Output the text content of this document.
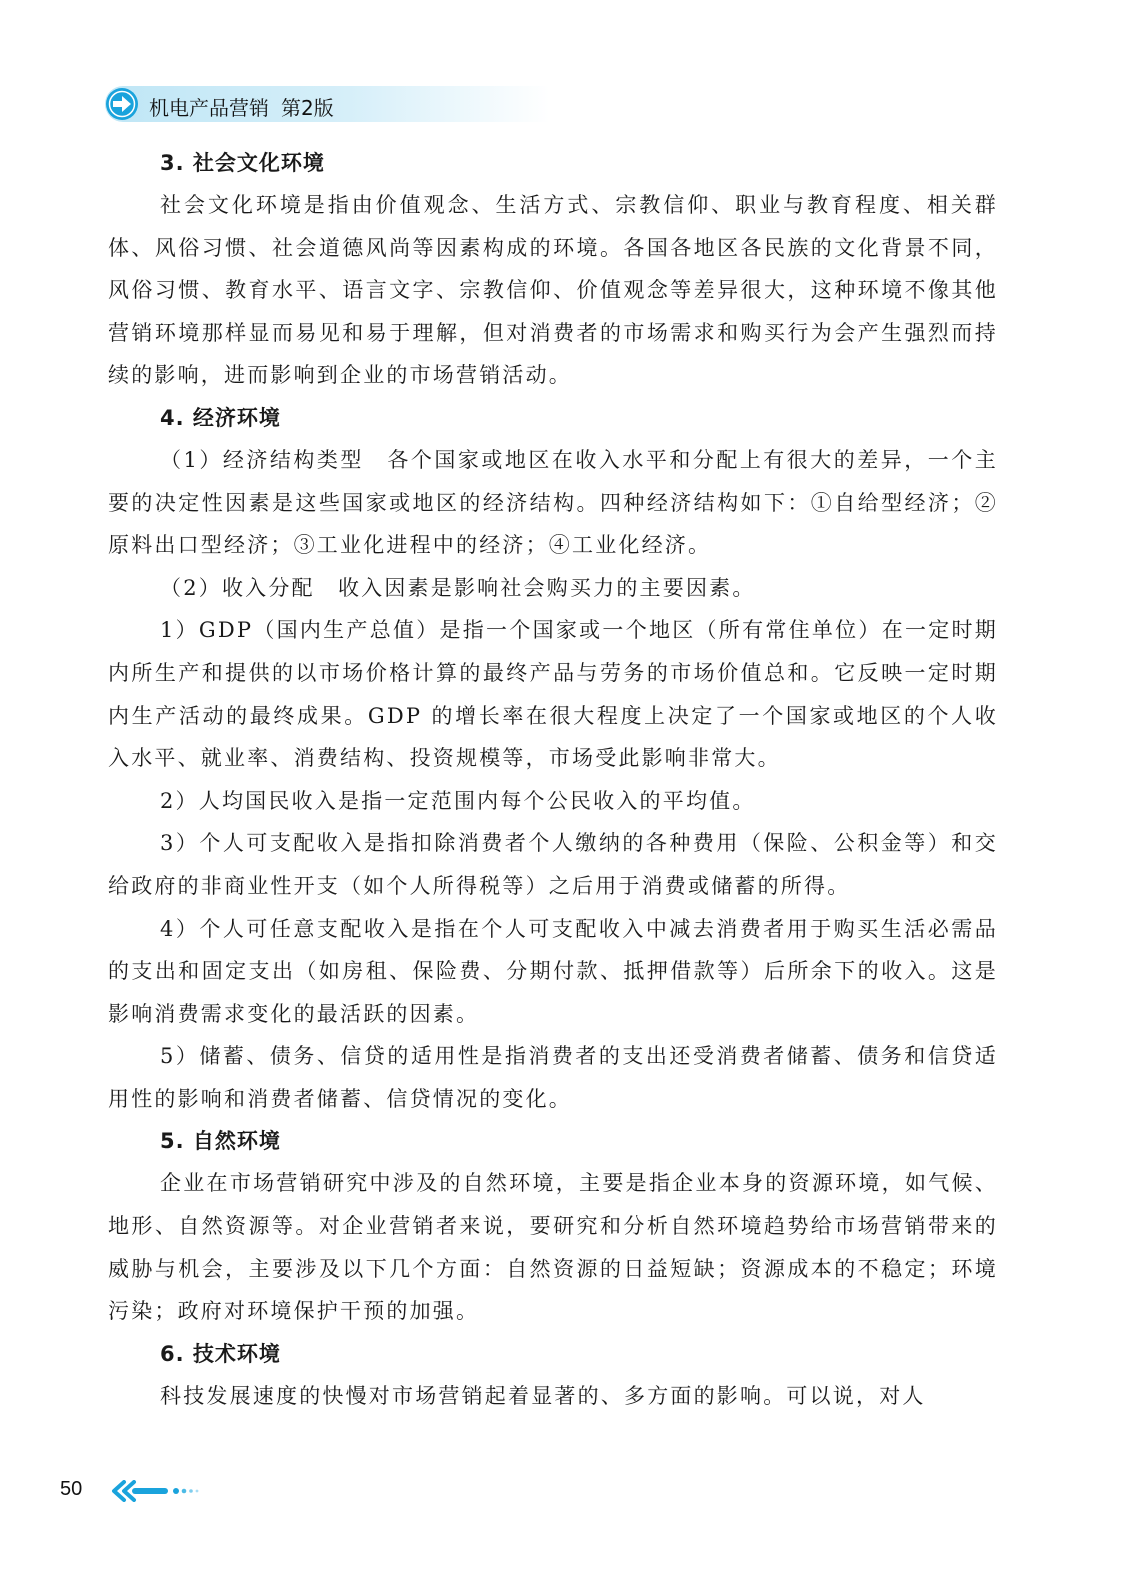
机电产品营销 第2版
3. 社会文化环境

社会文化环境是指由价值观念、生活方式、宗教信仰、职业与教育程度、相关群体、风俗习惯、社会道德风尚等因素构成的环境。各国各地区各民族的文化背景不同，风俗习惯、教育水平、语言文字、宗教信仰、价值观念等差异很大，这种环境不像其他营销环境那样显而易见和易于理解，但对消费者的市场需求和购买行为会产生强烈而持续的影响，进而影响到企业的市场营销活动。

4. 经济环境

（1）经济结构类型　各个国家或地区在收入水平和分配上有很大的差异，一个主要的决定性因素是这些国家或地区的经济结构。四种经济结构如下：①自给型经济；②原料出口型经济；③工业化进程中的经济；④工业化经济。

（2）收入分配　收入因素是影响社会购买力的主要因素。

1）GDP（国内生产总值）是指一个国家或一个地区（所有常住单位）在一定时期内所生产和提供的以市场价格计算的最终产品与劳务的市场价值总和。它反映一定时期内生产活动的最终成果。GDP 的增长率在很大程度上决定了一个国家或地区的个人收入水平、就业率、消费结构、投资规模等，市场受此影响非常大。

2）人均国民收入是指一定范围内每个公民收入的平均值。

3）个人可支配收入是指扣除消费者个人缴纳的各种费用（保险、公积金等）和交给政府的非商业性开支（如个人所得税等）之后用于消费或储蓄的所得。

4）个人可任意支配收入是指在个人可支配收入中减去消费者用于购买生活必需品的支出和固定支出（如房租、保险费、分期付款、抵押借款等）后所余下的收入。这是影响消费需求变化的最活跃的因素。

5）储蓄、债务、信贷的适用性是指消费者的支出还受消费者储蓄、债务和信贷适用性的影响和消费者储蓄、信贷情况的变化。

5. 自然环境

企业在市场营销研究中涉及的自然环境，主要是指企业本身的资源环境，如气候、地形、自然资源等。对企业营销者来说，要研究和分析自然环境趋势给市场营销带来的威胁与机会，主要涉及以下几个方面：自然资源的日益短缺；资源成本的不稳定；环境污染；政府对环境保护干预的加强。

6. 技术环境

科技发展速度的快慢对市场营销起着显著的、多方面的影响。可以说，对人

50
